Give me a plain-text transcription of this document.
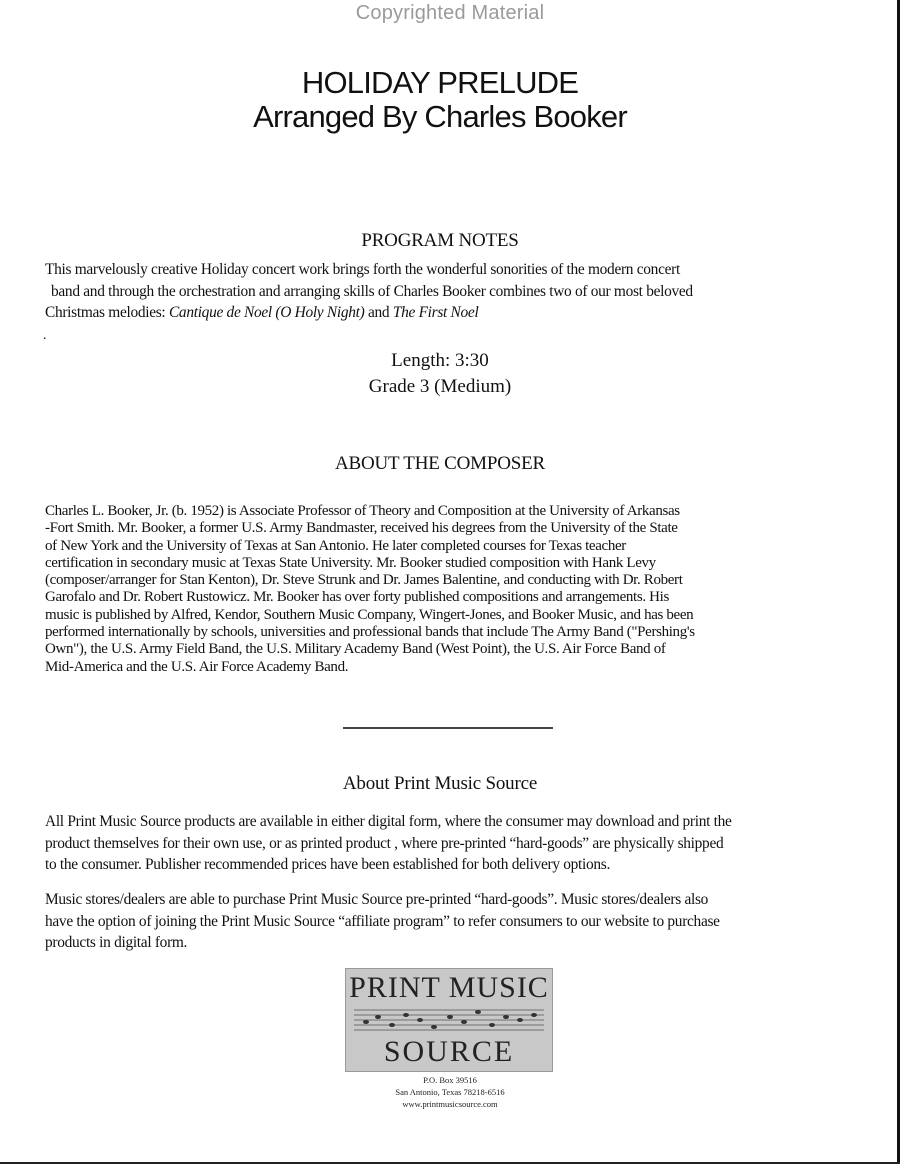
Copyrighted Material
HOLIDAY PRELUDE
Arranged By Charles Booker
PROGRAM NOTES
This marvelously creative Holiday concert work brings forth the wonderful sonorities of the modern concert
band and through the orchestration and arranging skills of Charles Booker combines two of our most beloved
Christmas melodies: Cantique de Noel (O Holy Night) and The First Noel
.
Length: 3:30
Grade 3 (Medium)
ABOUT THE COMPOSER
Charles L. Booker, Jr. (b. 1952) is Associate Professor of Theory and Composition at the University of Arkansas
-Fort Smith. Mr. Booker, a former U.S. Army Bandmaster, received his degrees from the University of the State
of New York and the University of Texas at San Antonio. He later completed courses for Texas teacher
certification in secondary music at Texas State University. Mr. Booker studied composition with Hank Levy
(composer/arranger for Stan Kenton), Dr. Steve Strunk and Dr. James Balentine, and conducting with Dr. Robert
Garofalo and Dr. Robert Rustowicz. Mr. Booker has over forty published compositions and arrangements. His
music is published by Alfred, Kendor, Southern Music Company, Wingert-Jones, and Booker Music, and has been
performed internationally by schools, universities and professional bands that include The Army Band ("Pershing's
Own"), the U.S. Army Field Band, the U.S. Military Academy Band (West Point), the U.S. Air Force Band of
Mid-America and the U.S. Air Force Academy Band.
About Print Music Source
All Print Music Source products are available in either digital form, where the consumer may download and print the
product themselves for their own use, or as printed product , where pre-printed “hard-goods” are physically shipped
to the consumer. Publisher recommended prices have been established for both delivery options.
Music stores/dealers are able to purchase Print Music Source pre-printed “hard-goods”. Music stores/dealers also
have the option of joining the Print Music Source “affiliate program” to refer consumers to our website to purchase
products in digital form.
PRINT MUSIC
SOURCE
P.O. Box 39516
San Antonio, Texas 78218-6516
www.printmusicsource.com
